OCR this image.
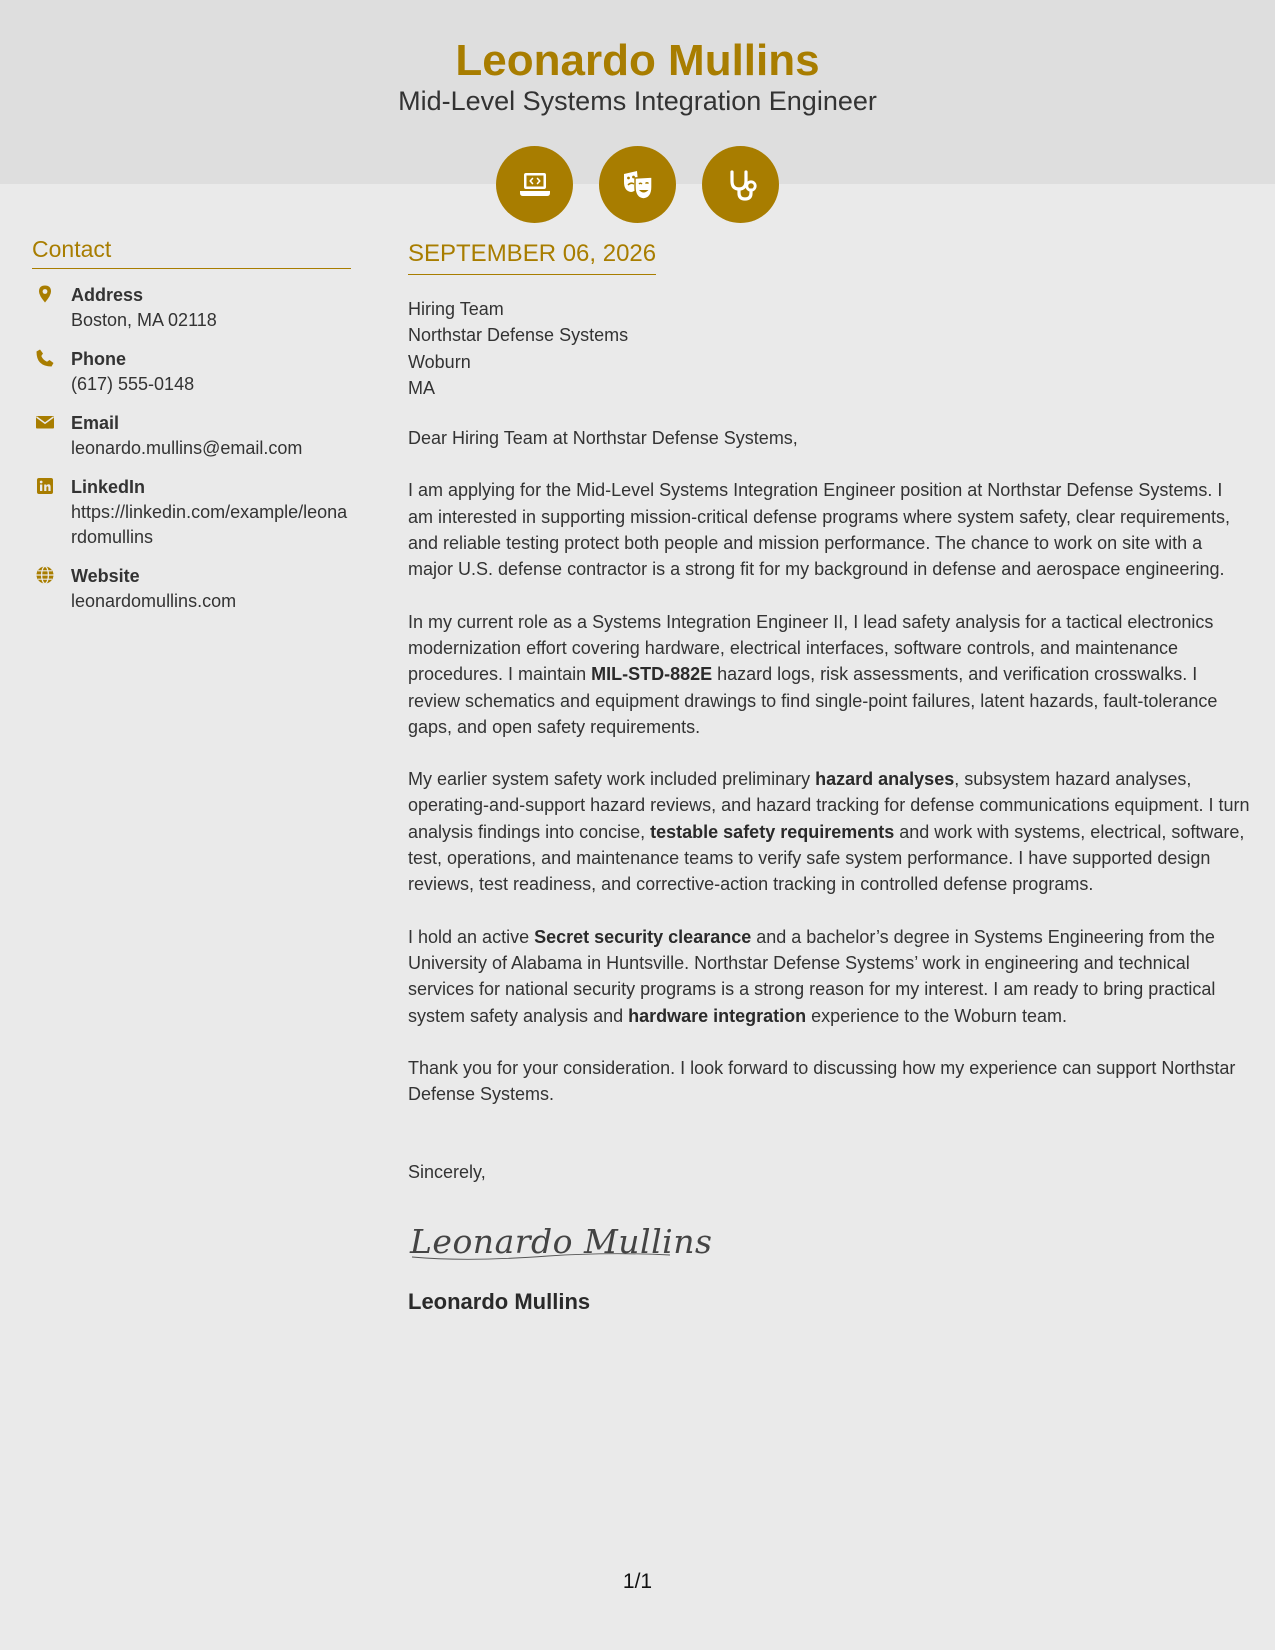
Leonardo Mullins
Mid-Level Systems Integration Engineer
Contact
Address
Boston, MA 02118
Phone
(617) 555-0148
Email
leonardo.mullins@email.com
LinkedIn
https://linkedin.com/example/leonardomullins
Website
leonardomullins.com
SEPTEMBER 06, 2026
Hiring Team
Northstar Defense Systems
Woburn
MA
Dear Hiring Team at Northstar Defense Systems,
I am applying for the Mid-Level Systems Integration Engineer position at Northstar Defense Systems. I am interested in supporting mission-critical defense programs where system safety, clear requirements, and reliable testing protect both people and mission performance. The chance to work on site with a major U.S. defense contractor is a strong fit for my background in defense and aerospace engineering.
In my current role as a Systems Integration Engineer II, I lead safety analysis for a tactical electronics modernization effort covering hardware, electrical interfaces, software controls, and maintenance procedures. I maintain MIL-STD-882E hazard logs, risk assessments, and verification crosswalks. I review schematics and equipment drawings to find single-point failures, latent hazards, fault-tolerance gaps, and open safety requirements.
My earlier system safety work included preliminary hazard analyses, subsystem hazard analyses, operating-and-support hazard reviews, and hazard tracking for defense communications equipment. I turn analysis findings into concise, testable safety requirements and work with systems, electrical, software, test, operations, and maintenance teams to verify safe system performance. I have supported design reviews, test readiness, and corrective-action tracking in controlled defense programs.
I hold an active Secret security clearance and a bachelor’s degree in Systems Engineering from the University of Alabama in Huntsville. Northstar Defense Systems’ work in engineering and technical services for national security programs is a strong reason for my interest. I am ready to bring practical system safety analysis and hardware integration experience to the Woburn team.
Thank you for your consideration. I look forward to discussing how my experience can support Northstar Defense Systems.
Sincerely,
Leonardo Mullins
Leonardo Mullins
1/1
